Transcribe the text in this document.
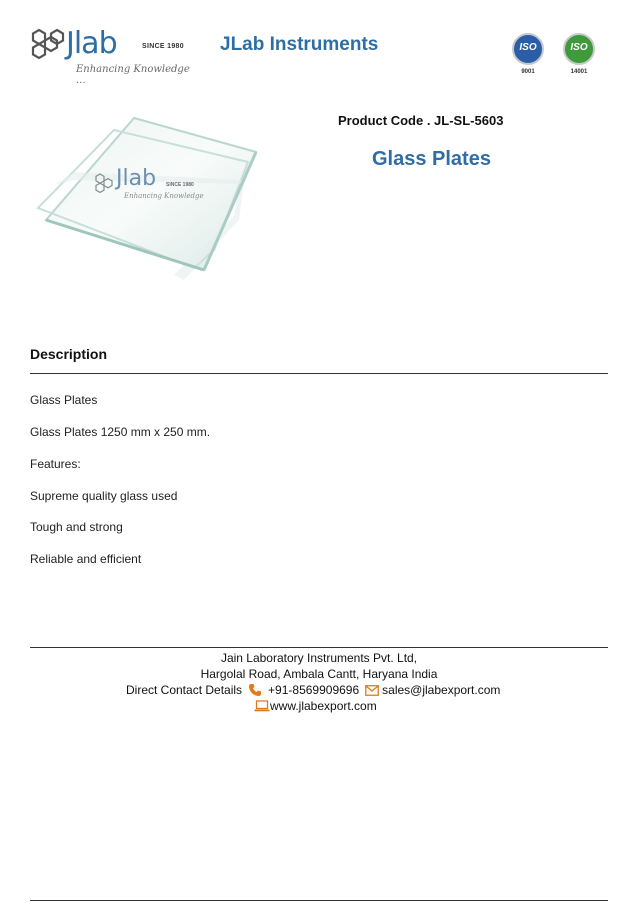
Jlab	SINCE 1980
Enhancing Knowledge ...
JLab Instruments	ISO
9001
ISO
14001
Jlab SINCE 1980
Enhancing Knowledge
Product Code . JL-SL-5603
Glass Plates
Description
Glass Plates
Glass Plates 1250 mm x 250 mm.
Features:
Supreme quality glass used
Tough and strong
Reliable and efficient
Jain Laboratory Instruments Pvt. Ltd,
Hargolal Road, Ambala Cantt, Haryana India
Direct Contact Details +91-8569909696 sales@jlabexport.com
www.jlabexport.com
